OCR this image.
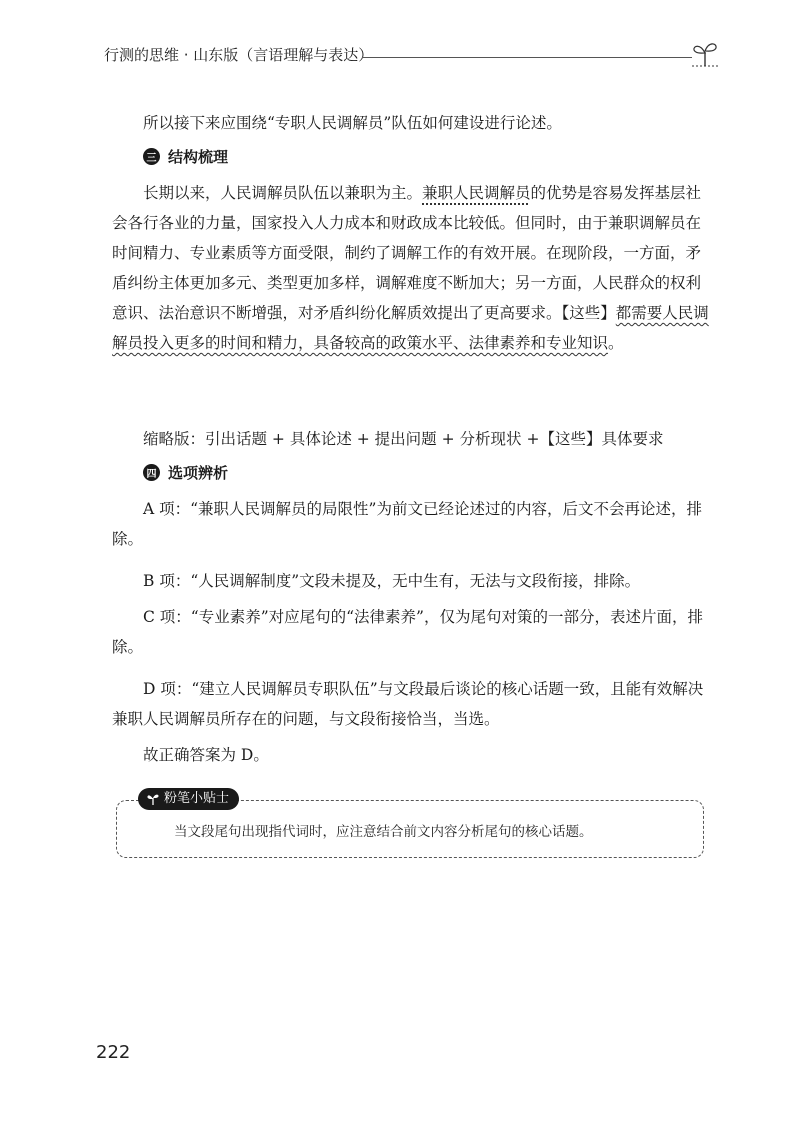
行测的思维 · 山东版（言语理解与表达）

所以接下来应围绕“专职人民调解员”队伍如何建设进行论述。

三 结构梳理

长期以来，人民调解员队伍以兼职为主。兼职人民调解员的优势是容易发挥基层社会各行各业的力量，国家投入人力成本和财政成本比较低。但同时，由于兼职调解员在时间精力、专业素质等方面受限，制约了调解工作的有效开展。在现阶段，一方面，矛盾纠纷主体更加多元、类型更加多样，调解难度不断加大；另一方面，人民群众的权利意识、法治意识不断增强，对矛盾纠纷化解质效提出了更高要求。【这些】都需要人民调解员投入更多的时间和精力，具备较高的政策水平、法律素养和专业知识。

缩略版：引出话题 + 具体论述 + 提出问题 + 分析现状 +【这些】具体要求

四 选项辨析

A 项：“兼职人民调解员的局限性”为前文已经论述过的内容，后文不会再论述，排除。

B 项：“人民调解制度”文段未提及，无中生有，无法与文段衔接，排除。

C 项：“专业素养”对应尾句的“法律素养”，仅为尾句对策的一部分，表述片面，排除。

D 项：“建立人民调解员专职队伍”与文段最后谈论的核心话题一致，且能有效解决兼职人民调解员所存在的问题，与文段衔接恰当，当选。

故正确答案为 D。

粉笔小贴士
当文段尾句出现指代词时，应注意结合前文内容分析尾句的核心话题。
222
